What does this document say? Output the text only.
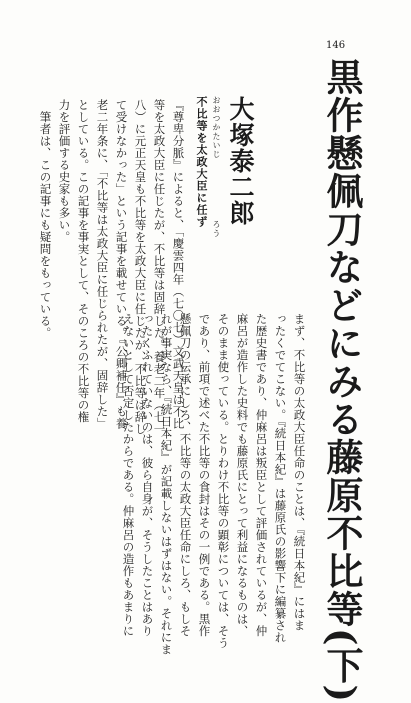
146
黒作懸佩刀などにみる藤原不比等(下)
おおつかたいじ
ろう
大塚泰二郎
不比等を太政大臣に任ず
『尊卑分脈』によると、「慶雲四年（七〇七）文武天皇は不比
等を太政大臣に任じたが、不比等は固辞した。養老二年（七一
八）に元正天皇も不比等を太政大臣に任じたが、不比等は辞し
て受けなかった」という記事を載せている。『公卿補任』も養
老二年条に、「不比等は太政大臣に任じられたが、固辞した」
としている。この記事を事実として、そのころの不比等の権
力を評価する史家も多い。
　筆者は、この記事にも疑問をもっている。
まず、不比等の太政大臣任命のことは、『続日本紀』にはま
ったくでてこない。『続日本紀』は藤原氏の影響下に編纂され
た歴史書であり、仲麻呂は叛臣として評価されているが、仲
麻呂が造作した史料でも藤原氏にとって利益になるものは、
そのまま使っている。とりわけ不比等の顕彰については、そう
であり、前項で述べた不比等の食封はその一例である。黒作
懸佩刀の伝承にしろ、不比等の太政大臣任命にしろ、もしそ
れが事実なら、『続日本紀』が記載しないはずはない。それにま
ったくふれていないのは、彼ら自身が、そうしたことはあり
えないとして否定したからである。仲麻呂の造作もあまりに
